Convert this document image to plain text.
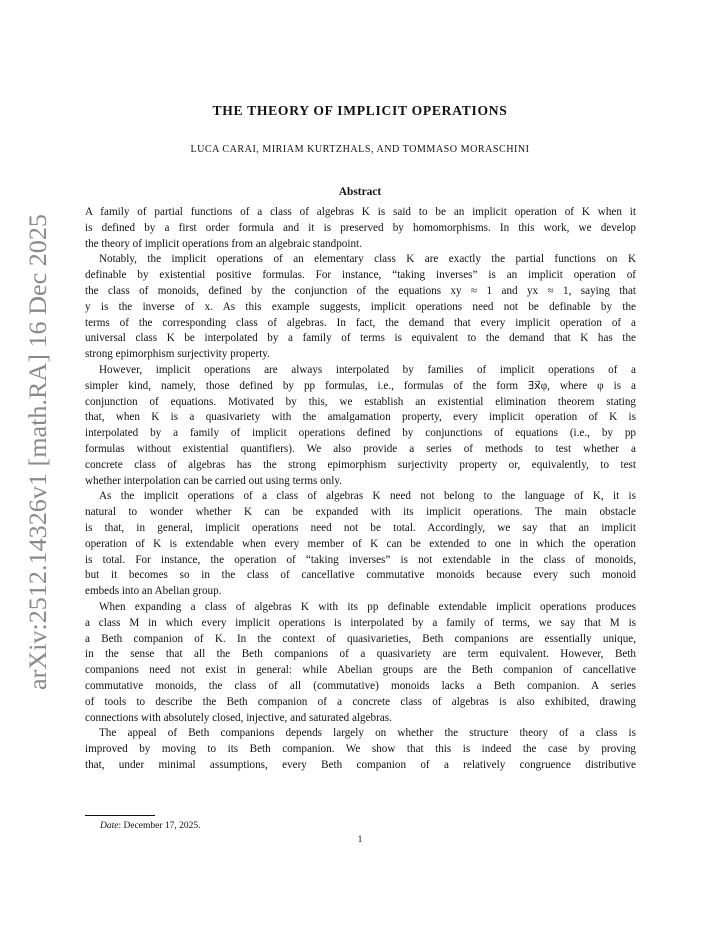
arXiv:2512.14326v1 [math.RA] 16 Dec 2025
THE THEORY OF IMPLICIT OPERATIONS
LUCA CARAI, MIRIAM KURTZHALS, AND TOMMASO MORASCHINI
Abstract
A family of partial functions of a class of algebras K is said to be an implicit operation of K when it
is defined by a first order formula and it is preserved by homomorphisms. In this work, we develop
the theory of implicit operations from an algebraic standpoint.
Notably, the implicit operations of an elementary class K are exactly the partial functions on K
definable by existential positive formulas. For instance, “taking inverses” is an implicit operation of
the class of monoids, defined by the conjunction of the equations xy ≈ 1 and yx ≈ 1, saying that
y is the inverse of x. As this example suggests, implicit operations need not be definable by the
terms of the corresponding class of algebras. In fact, the demand that every implicit operation of a
universal class K be interpolated by a family of terms is equivalent to the demand that K has the
strong epimorphism surjectivity property.
However, implicit operations are always interpolated by families of implicit operations of a
simpler kind, namely, those defined by pp formulas, i.e., formulas of the form ∃x⃗φ, where φ is a
conjunction of equations. Motivated by this, we establish an existential elimination theorem stating
that, when K is a quasivariety with the amalgamation property, every implicit operation of K is
interpolated by a family of implicit operations defined by conjunctions of equations (i.e., by pp
formulas without existential quantifiers). We also provide a series of methods to test whether a
concrete class of algebras has the strong epimorphism surjectivity property or, equivalently, to test
whether interpolation can be carried out using terms only.
As the implicit operations of a class of algebras K need not belong to the language of K, it is
natural to wonder whether K can be expanded with its implicit operations. The main obstacle
is that, in general, implicit operations need not be total. Accordingly, we say that an implicit
operation of K is extendable when every member of K can be extended to one in which the operation
is total. For instance, the operation of “taking inverses” is not extendable in the class of monoids,
but it becomes so in the class of cancellative commutative monoids because every such monoid
embeds into an Abelian group.
When expanding a class of algebras K with its pp definable extendable implicit operations produces
a class M in which every implicit operations is interpolated by a family of terms, we say that M is
a Beth companion of K. In the context of quasivarieties, Beth companions are essentially unique,
in the sense that all the Beth companions of a quasivariety are term equivalent. However, Beth
companions need not exist in general: while Abelian groups are the Beth companion of cancellative
commutative monoids, the class of all (commutative) monoids lacks a Beth companion. A series
of tools to describe the Beth companion of a concrete class of algebras is also exhibited, drawing
connections with absolutely closed, injective, and saturated algebras.
The appeal of Beth companions depends largely on whether the structure theory of a class is
improved by moving to its Beth companion. We show that this is indeed the case by proving
that, under minimal assumptions, every Beth companion of a relatively congruence distributive
Date: December 17, 2025.
1
